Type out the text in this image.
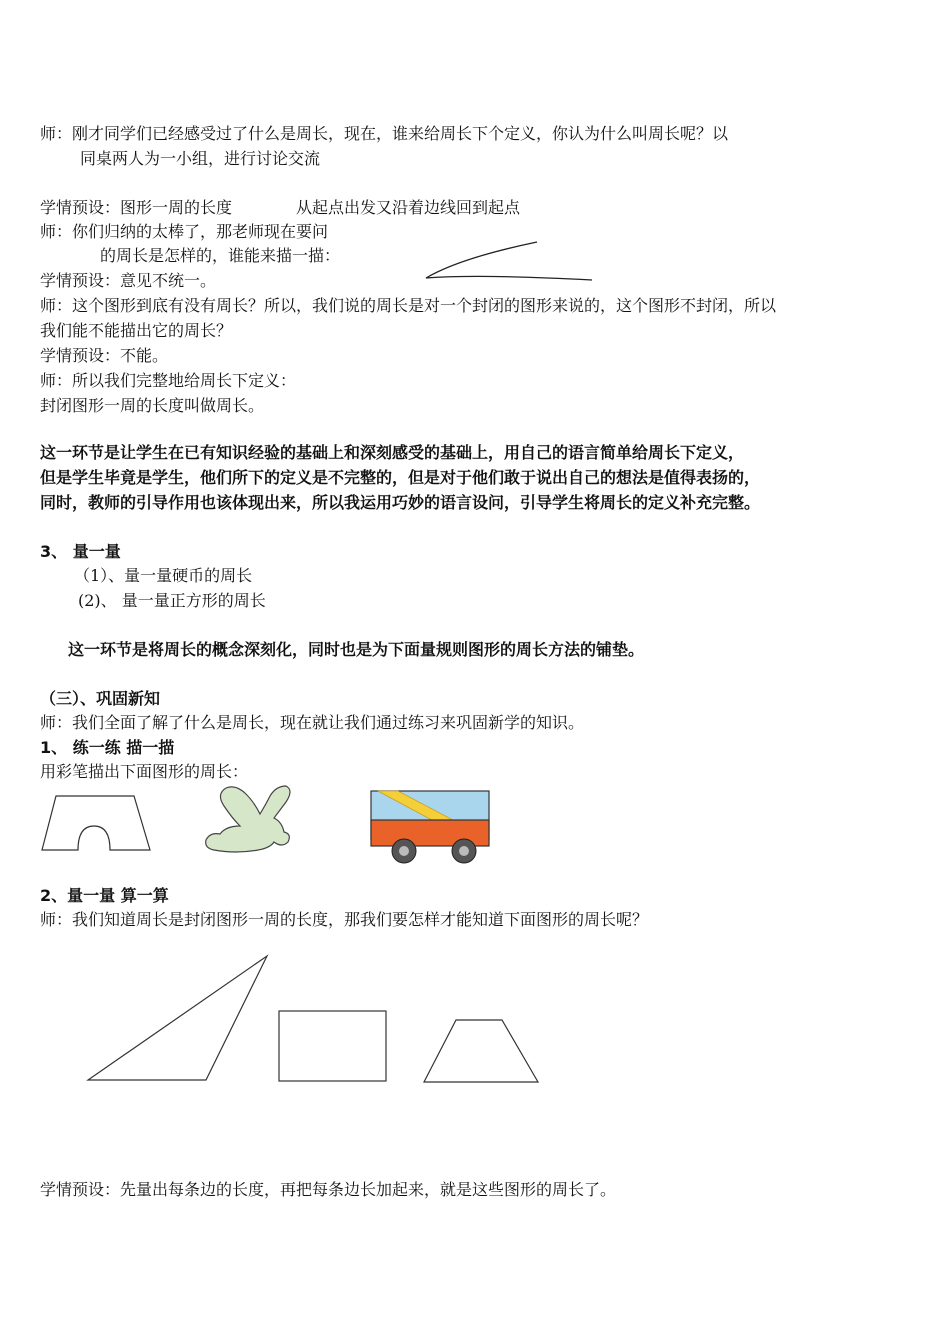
师：刚才同学们已经感受过了什么是周长，现在，谁来给周长下个定义，你认为什么叫周长呢？以
同桌两人为一小组，进行讨论交流
学情预设：图形一周的长度	从起点出发又沿着边线回到起点
师：你们归纳的太棒了，那老师现在要问
的周长是怎样的，谁能来描一描：
学情预设：意见不统一。
师：这个图形到底有没有周长？所以，我们说的周长是对一个封闭的图形来说的，这个图形不封闭，所以
我们能不能描出它的周长？
学情预设：不能。
师：所以我们完整地给周长下定义：
封闭图形一周的长度叫做周长。
这一环节是让学生在已有知识经验的基础上和深刻感受的基础上，用自己的语言简单给周长下定义，
但是学生毕竟是学生，他们所下的定义是不完整的，但是对于他们敢于说出自己的想法是值得表扬的，
同时，教师的引导作用也该体现出来，所以我运用巧妙的语言设问，引导学生将周长的定义补充完整。
3、 量一量
（1）、量一量硬币的周长
(2)、 量一量正方形的周长
这一环节是将周长的概念深刻化，同时也是为下面量规则图形的周长方法的铺垫。
（三）、巩固新知
师：我们全面了解了什么是周长，现在就让我们通过练习来巩固新学的知识。
1、 练一练 描一描
用彩笔描出下面图形的周长：
2、量一量 算一算
师：我们知道周长是封闭图形一周的长度，那我们要怎样才能知道下面图形的周长呢？
学情预设：先量出每条边的长度，再把每条边长加起来，就是这些图形的周长了。
